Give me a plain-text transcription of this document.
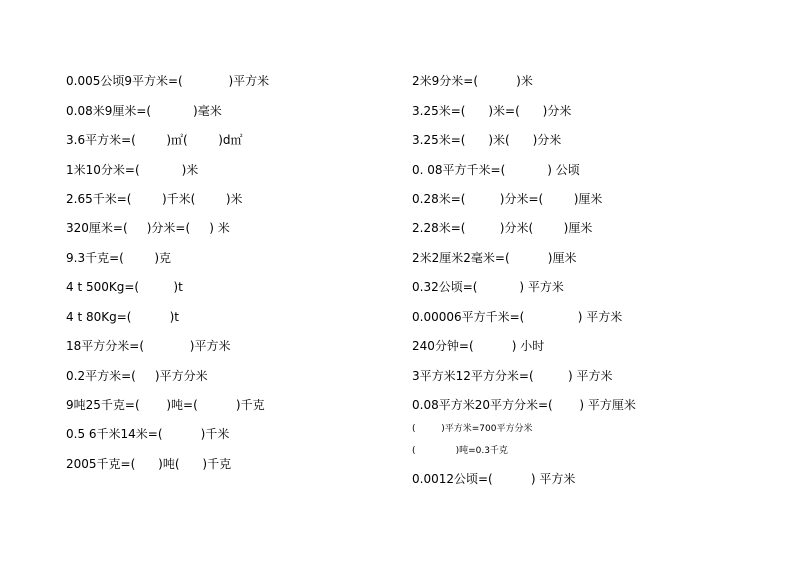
0.005公顷9平方米=(            )平方米
0.08米9厘米=(           )毫米
3.6平方米=(        )㎡(        )d㎡
1米10分米=(           )米
2.65千米=(        )千米(        )米
320厘米=(     )分米=(     ) 米
9.3千克=(        )克
4 t 500Kg=(         )t
4 t 80Kg=(          )t
18平方分米=(            )平方米
0.2平方米=(     )平方分米
9吨25千克=(       )吨=(          )千克
0.5 6千米14米=(          )千米
2005千克=(      )吨(      )千克
2米9分米=(          )米
3.25米=(      )米=(      )分米
3.25米=(      )米(      )分米
0. 08平方千米=(           ) 公顷
0.28米=(         )分米=(        )厘米
2.28米=(         )分米(        )厘米
2米2厘米2毫米=(          )厘米
0.32公顷=(           ) 平方米
0.00006平方千米=(              ) 平方米
240分钟=(          ) 小时
3平方米12平方分米=(         ) 平方米
0.08平方米20平方分米=(       ) 平方厘米
(         )平方米=700平方分米
(              )吨=0.3千克
0.0012公顷=(          ) 平方米
